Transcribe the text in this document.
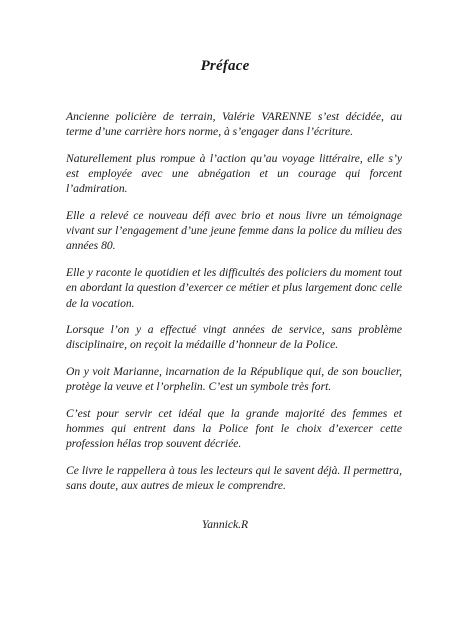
Préface

Ancienne policière de terrain, Valérie VARENNE s’est décidée, au terme d’une carrière hors norme, à s’engager dans l’écriture.

Naturellement plus rompue à l’action qu’au voyage littéraire, elle s’y est employée avec une abnégation et un courage qui forcent l’admiration.

Elle a relevé ce nouveau défi avec brio et nous livre un témoignage vivant sur l’engagement d’une jeune femme dans la police du milieu des années 80.

Elle y raconte le quotidien et les difficultés des policiers du moment tout en abordant la question d’exercer ce métier et plus largement donc celle de la vocation.

Lorsque l’on y a effectué vingt années de service, sans problème disciplinaire, on reçoit la médaille d’honneur de la Police.

On y voit Marianne, incarnation de la République qui, de son bouclier, protège la veuve et l’orphelin. C’est un symbole très fort.

C’est pour servir cet idéal que la grande majorité des femmes et hommes qui entrent dans la Police font le choix d’exercer cette profession hélas trop souvent décriée.

Ce livre le rappellera à tous les lecteurs qui le savent déjà. Il permettra, sans doute, aux autres de mieux le comprendre.

Yannick.R
